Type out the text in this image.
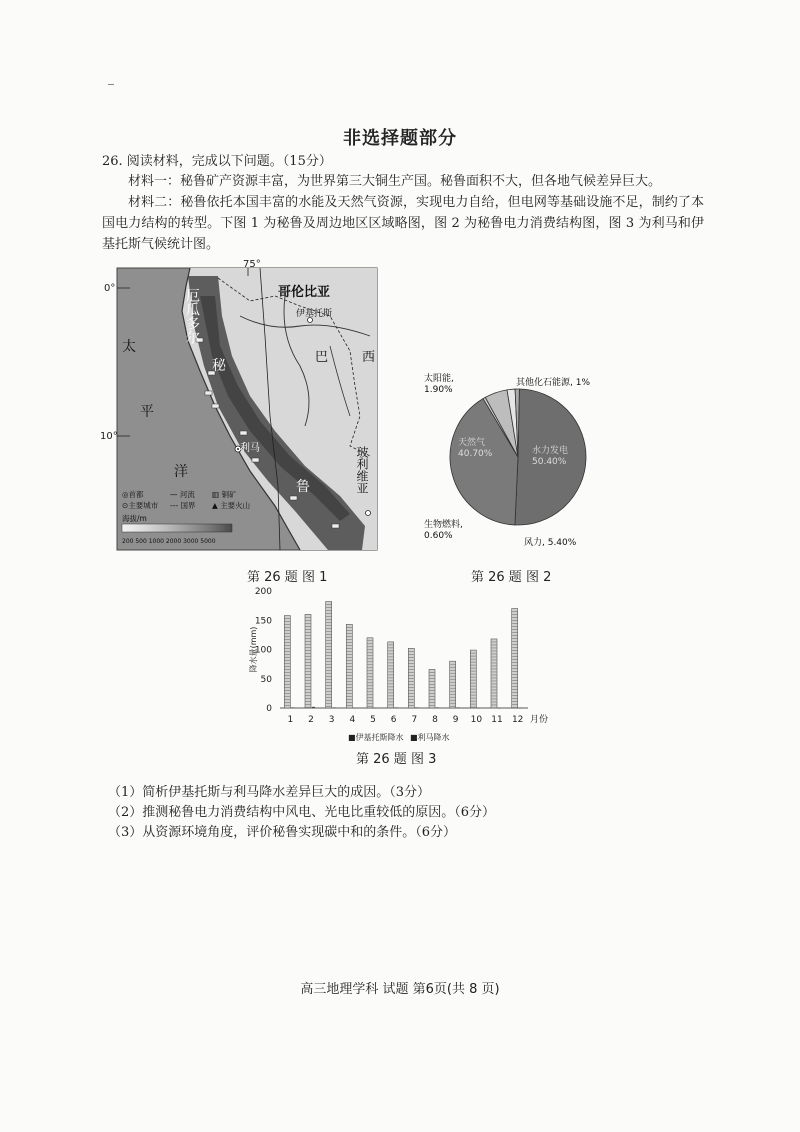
非选择题部分
26. 阅读材料，完成以下问题。（15分）
材料一：秘鲁矿产资源丰富，为世界第三大铜生产国。秘鲁面积不大，但各地气候差异巨大。
材料二：秘鲁依托本国丰富的水能及天然气资源，实现电力自给，但电网等基础设施不足，制约了本国电力结构的转型。下图 1 为秘鲁及周边地区区域略图，图 2 为秘鲁电力消费结构图，图 3 为利马和伊基托斯气候统计图。
75°
0°
10°
厄瓜多尔	哥伦比亚
伊基托斯
巴	西
太
平
洋
秘
鲁
利马	玻利维亚
◎首都	— 河流 ▥ 铜矿
⊙主要城市 --- 国界 ▲ 主要火山
海拔/m
200 500 1000 2000 3000 5000
水力发电 50.40%
天然气 40.70%
生物燃料, 0.60%
风力, 5.40%
太阳能, 1.90%
其他化石能源, 1%
第 26 题 图 1	第 26 题 图 2
降水量(mm)
0
50
100
150
200
1 2 3 4 5 6 7 8 9 10 11 12 月份
■伊基托斯降水 ■利马降水
第 26 题 图 3
（1）简析伊基托斯与利马降水差异巨大的成因。（3分）
（2）推测秘鲁电力消费结构中风电、光电比重较低的原因。（6分）
（3）从资源环境角度，评价秘鲁实现碳中和的条件。（6分）
高三地理学科 试题 第6页(共 8 页)
